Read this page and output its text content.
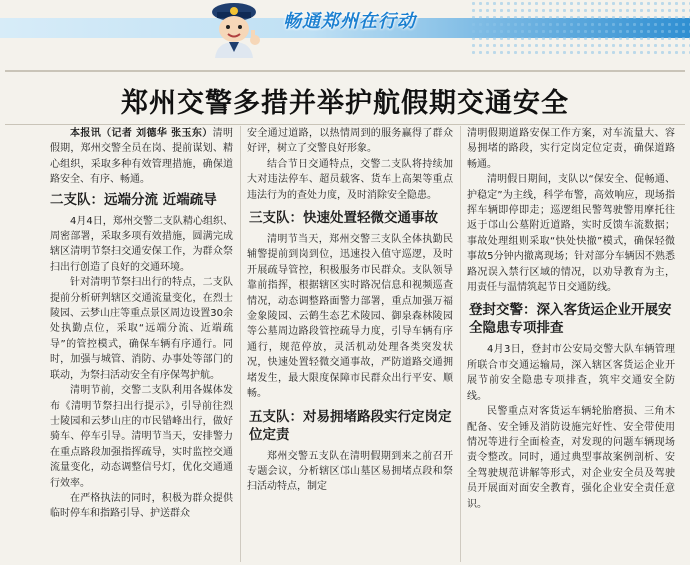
畅通郑州在行动
郑州交警多措并举护航假期交通安全

本报讯（记者 刘德华 张玉东）清明假期，郑州交警全员在岗、提前谋划、精心组织，采取多种有效管理措施，确保道路安全、有序、畅通。

二支队：远端分流 近端疏导

4月4日，郑州交警二支队精心组织、周密部署，采取多项有效措施，圆满完成辖区清明节祭扫交通安保工作，为群众祭扫出行创造了良好的交通环境。

针对清明节祭扫出行的特点，二支队提前分析研判辖区交通流量变化，在烈士陵园、云梦山庄等重点景区周边设置30余处执勤点位，采取“远端分流、近端疏导”的管控模式，确保车辆有序通行。同时，加强与城管、消防、办事处等部门的联动，为祭扫活动安全有序保驾护航。

清明节前，交警二支队利用各媒体发布《清明节祭扫出行提示》，引导前往烈士陵园和云梦山庄的市民错峰出行，做好骑车、停车引导。清明节当天，安排警力在重点路段加强指挥疏导，实时监控交通流量变化，动态调整信号灯，优化交通通行效率。

在严格执法的同时，积极为群众提供临时停车和指路引导、护送群众

安全通过道路，以热情周到的服务赢得了群众好评，树立了交警良好形象。

结合节日交通特点，交警二支队将持续加大对违法停车、超员载客、货车上高架等重点违法行为的查处力度，及时消除安全隐患。

三支队：快速处置轻微交通事故

清明节当天，郑州交警三支队全体执勤民辅警提前到岗到位，迅速投入值守巡逻，及时开展疏导管控，积极服务市民群众。支队领导靠前指挥，根据辖区实时路况信息和视频巡查情况，动态调整路面警力部署，重点加强万福金象陵园、云鹤生态艺术陵园、御泉森林陵园等公墓周边路段管控疏导力度，引导车辆有序通行，规范停放，灵活机动处理各类突发状况，快速处置轻微交通事故，严防道路交通拥堵发生，最大限度保障市民群众出行平安、顺畅。

五支队：对易拥堵路段实行定岗定位定责

郑州交警五支队在清明假期到来之前召开专题会议，分析辖区邙山墓区易拥堵点段和祭扫活动特点，制定

清明假期道路安保工作方案，对车流量大、容易拥堵的路段，实行定岗定位定责，确保道路畅通。

清明假日期间，支队以“保安全、促畅通、护稳定”为主线，科学布警，高效响应，现场指挥车辆即停即走；巡逻组民警驾驶警用摩托往返于邙山公墓附近道路，实时反馈车流数据；事故处理组则采取“快处快撤”模式，确保轻微事故5分钟内撤离现场；针对部分车辆因不熟悉路况误入禁行区域的情况，以劝导教育为主，用责任与温情筑起节日交通防线。

登封交警：深入客货运企业开展安全隐患专项排查

4月3日，登封市公安局交警大队车辆管理所联合市交通运输局，深入辖区客货运企业开展节前安全隐患专项排查，筑牢交通安全防线。

民警重点对客货运车辆轮胎磨损、三角木配备、安全锤及消防设施完好性、安全带使用情况等进行全面检查，对发现的问题车辆现场责令整改。同时，通过典型事故案例剖析、安全驾驶规范讲解等形式，对企业安全员及驾驶员开展面对面安全教育，强化企业安全责任意识。
